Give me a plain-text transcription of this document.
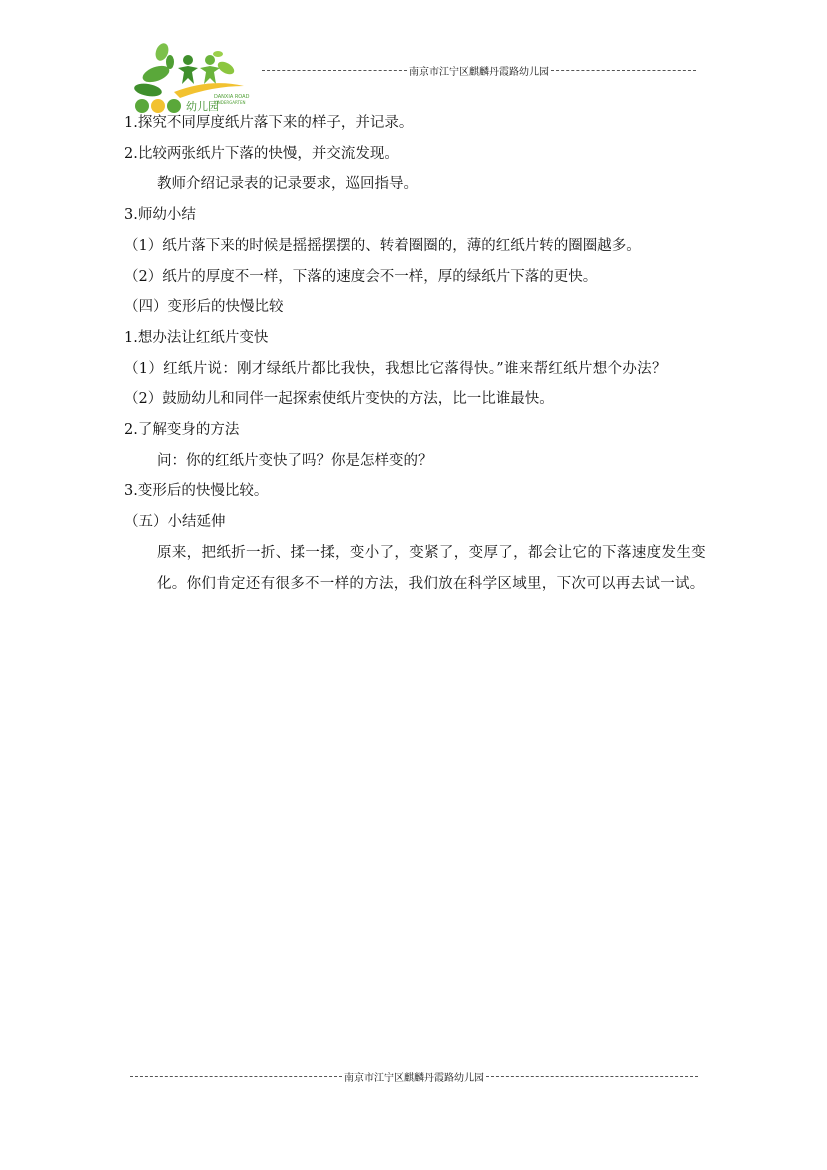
DANXIA ROAD
KINDERGARTEN
幼儿园
南京市江宁区麒麟丹霞路幼儿园

1.探究不同厚度纸片落下来的样子，并记录。

2.比较两张纸片下落的快慢，并交流发现。

教师介绍记录表的记录要求，巡回指导。

3.师幼小结

（1）纸片落下来的时候是摇摇摆摆的、转着圈圈的，薄的红纸片转的圈圈越多。

（2）纸片的厚度不一样，下落的速度会不一样，厚的绿纸片下落的更快。

（四）变形后的快慢比较

1.想办法让红纸片变快

（1）红纸片说：刚才绿纸片都比我快，我想比它落得快。”谁来帮红纸片想个办法？

（2）鼓励幼儿和同伴一起探索使纸片变快的方法，比一比谁最快。

2.了解变身的方法

问：你的红纸片变快了吗？你是怎样变的？

3.变形后的快慢比较。

（五）小结延伸

原来，把纸折一折、揉一揉，变小了，变紧了，变厚了，都会让它的下落速度发生变化。你们肯定还有很多不一样的方法，我们放在科学区域里，下次可以再去试一试。

南京市江宁区麒麟丹霞路幼儿园
